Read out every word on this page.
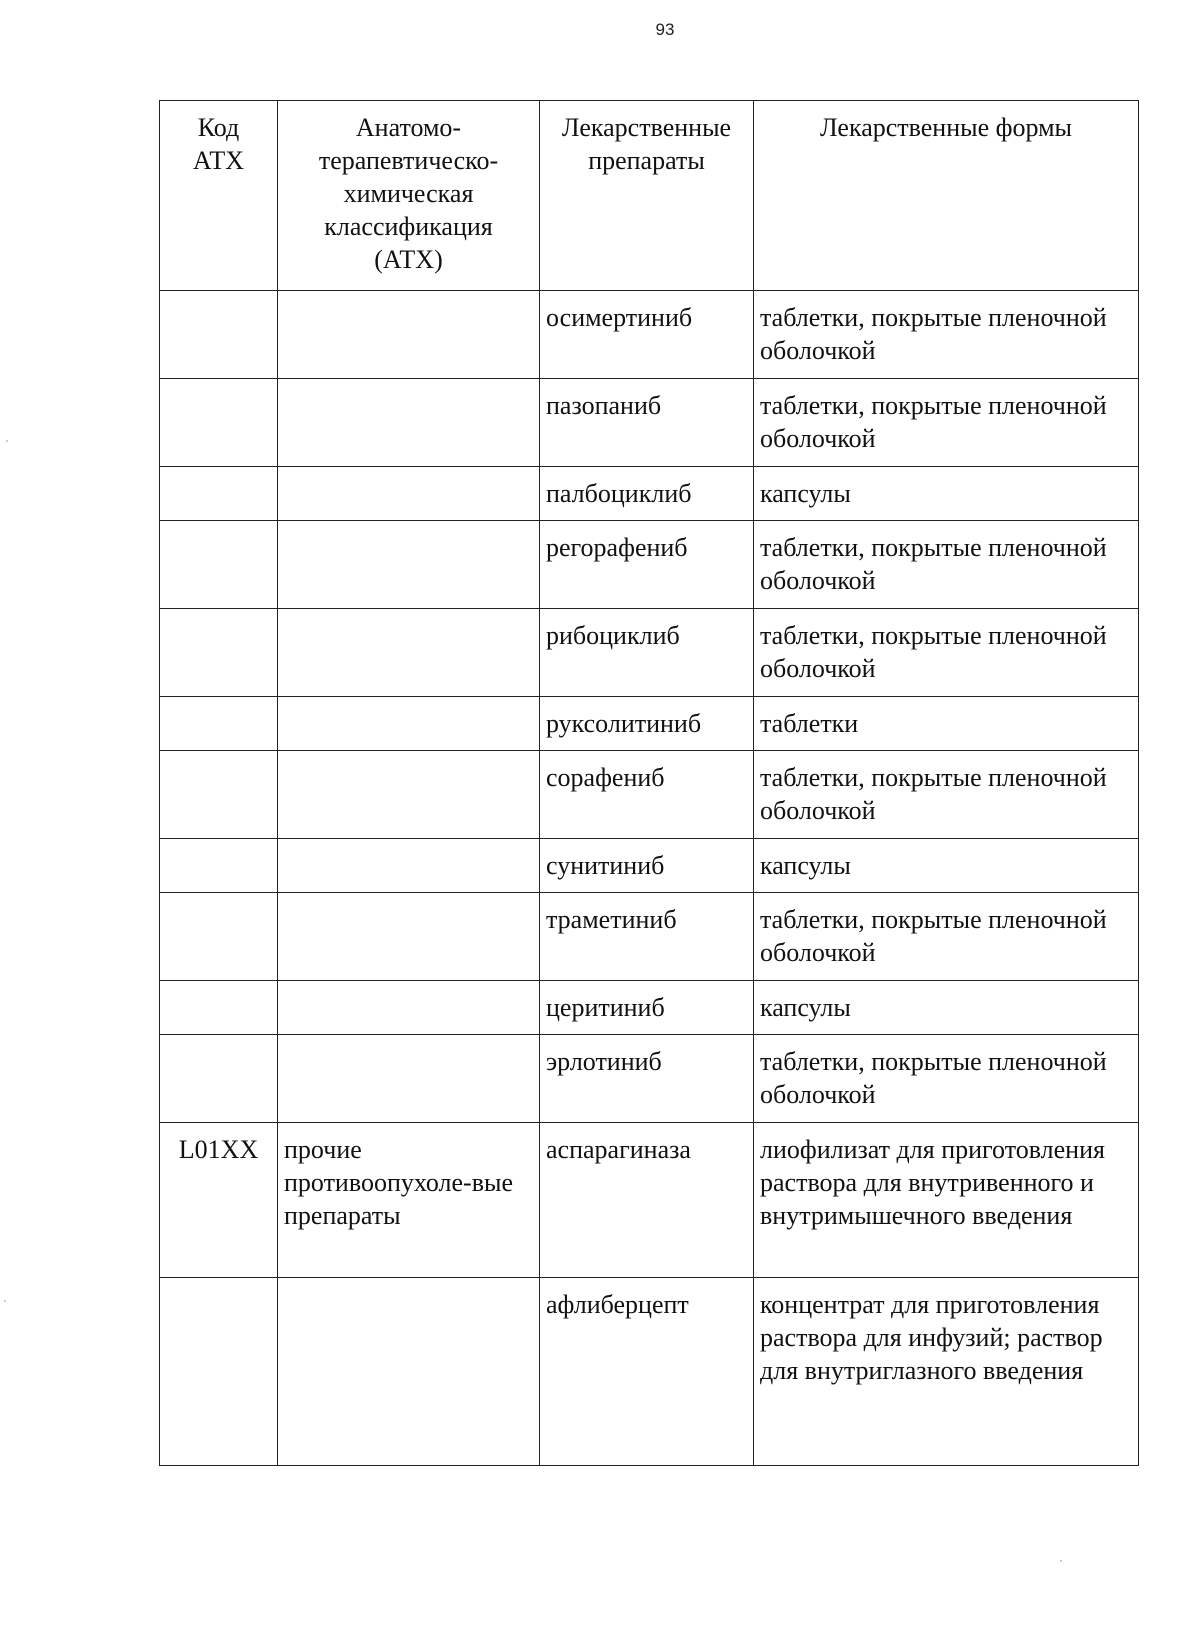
93
Код АТХ	Анатомо-терапевтическо-химическая классификация (АТХ)	Лекарственные препараты	Лекарственные формы
		осимертиниб	таблетки, покрытые пленочной оболочкой
		пазопаниб	таблетки, покрытые пленочной оболочкой
		палбоциклиб	капсулы
		регорафениб	таблетки, покрытые пленочной оболочкой
		рибоциклиб	таблетки, покрытые пленочной оболочкой
		руксолитиниб	таблетки
		сорафениб	таблетки, покрытые пленочной оболочкой
		сунитиниб	капсулы
		траметиниб	таблетки, покрытые пленочной оболочкой
		церитиниб	капсулы
		эрлотиниб	таблетки, покрытые пленочной оболочкой
L01XX	прочие противоопухоле-вые препараты	аспарагиназа	лиофилизат для приготовления раствора для внутривенного и внутримышечного введения
		афлиберцепт	концентрат для приготовления раствора для инфузий; раствор для внутриглазного введения
